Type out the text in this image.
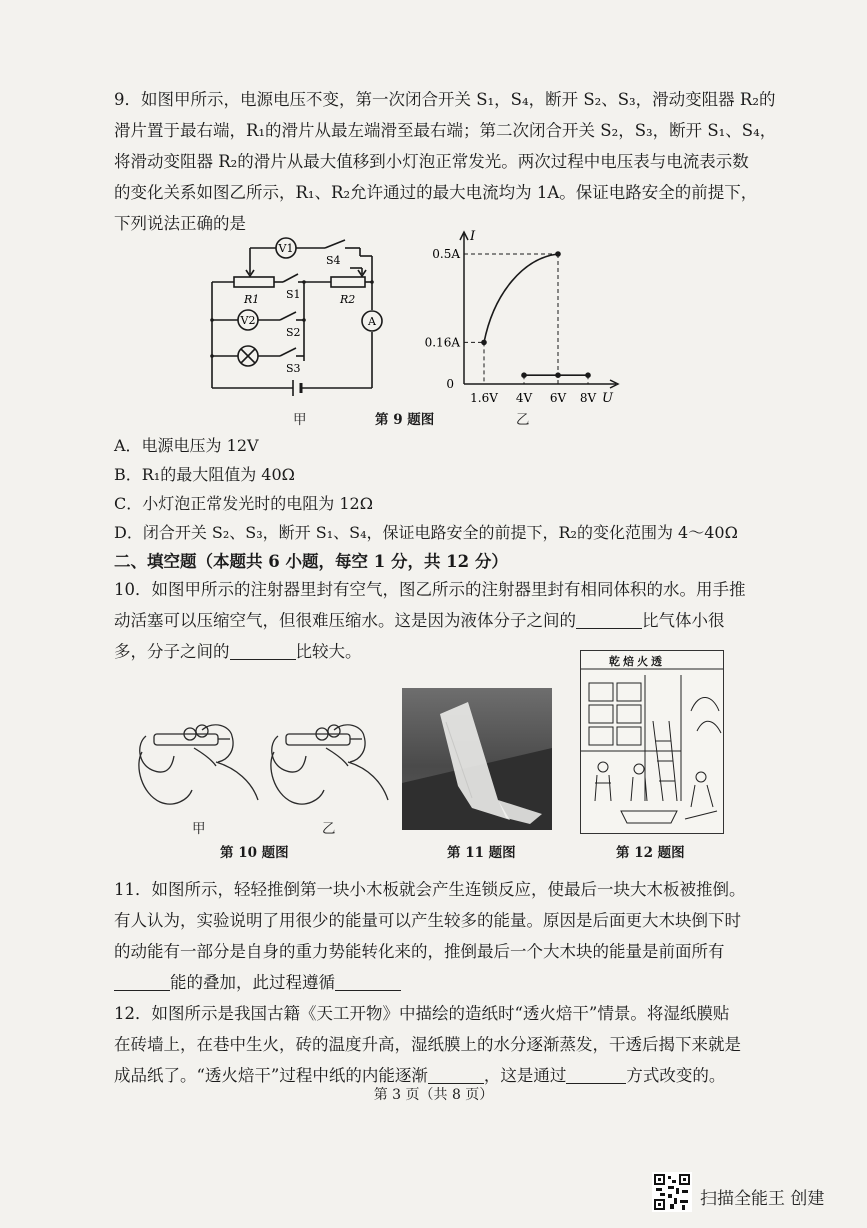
9．如图甲所示，电源电压不变，第一次闭合开关 S₁，S₄，断开 S₂、S₃，滑动变阻器 R₂的
滑片置于最右端，R₁的滑片从最左端滑至最右端；第二次闭合开关 S₂，S₃，断开 S₁、S₄，
将滑动变阻器 R₂的滑片从最大值移到小灯泡正常发光。两次过程中电压表与电流表示数
的变化关系如图乙所示，R₁、R₂允许通过的最大电流均为 1A。保证电路安全的前提下，
下列说法正确的是
V1
V2	A
R1	R2
S1
S2
S3
S4
1.6V 4V 6V 8V
0.16A
0.5A
I
U
0
甲	第 9 题图	乙
A．电源电压为 12V
B．R₁的最大阻值为 40Ω
C．小灯泡正常发光时的电阻为 12Ω
D．闭合开关 S₂、S₃，断开 S₁、S₄，保证电路安全的前提下，R₂的变化范围为 4～40Ω
二、填空题（本题共 6 小题，每空 1 分，共 12 分）
10．如图甲所示的注射器里封有空气，图乙所示的注射器里封有相同体积的水。用手推
动活塞可以压缩空气，但很难压缩水。这是因为液体分子之间的	比气体小很
多，分子之间的	比较大。
甲	乙
第 10 题图	第 11 题图
乾焙火透
第 12 题图
11．如图所示，轻轻推倒第一块小木板就会产生连锁反应，使最后一块大木板被推倒。
有人认为，实验说明了用很少的能量可以产生较多的能量。原因是后面更大木块倒下时
的动能有一部分是自身的重力势能转化来的，推倒最后一个大木块的能量是前面所有
能的叠加，此过程遵循
12．如图所示是我国古籍《天工开物》中描绘的造纸时“透火焙干”情景。将湿纸膜贴
在砖墙上，在巷中生火，砖的温度升高，湿纸膜上的水分逐渐蒸发，干透后揭下来就是
成品纸了。“透火焙干”过程中纸的内能逐渐	，这是通过	方式改变的。
第 3 页（共 8 页）
扫描全能王 创建
